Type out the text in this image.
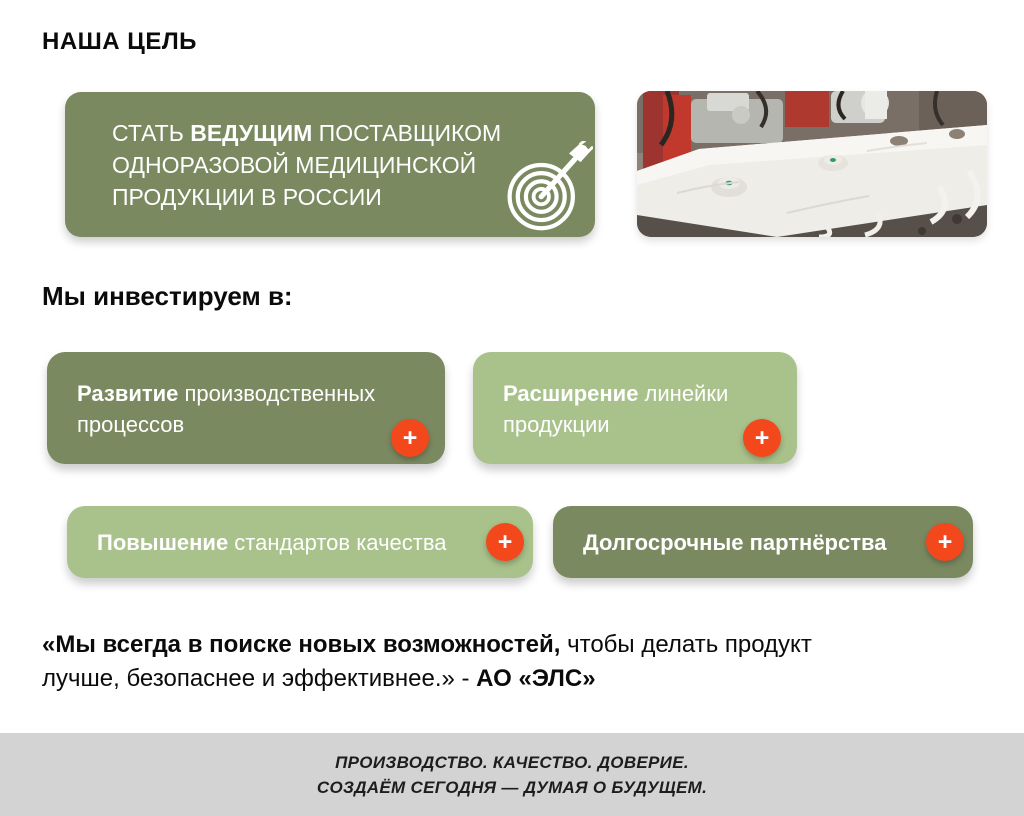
НАША ЦЕЛЬ
СТАТЬ ВЕДУЩИМ ПОСТАВЩИКОМ ОДНОРАЗОВОЙ МЕДИЦИНСКОЙ ПРОДУКЦИИ В РОССИИ
Мы инвестируем в:
Развитие производственных процессов	+
Расширение линейки продукции	+
Повышение стандартов качества	+	Долгосрочные партнёрства	+
«Мы всегда в поиске новых возможностей, чтобы делать продукт лучше, безопаснее и эффективнее.» - АО «ЭЛС»
ПРОИЗВОДСТВО. КАЧЕСТВО. ДОВЕРИЕ.
СОЗДАЁМ СЕГОДНЯ — ДУМАЯ О БУДУЩЕМ.
